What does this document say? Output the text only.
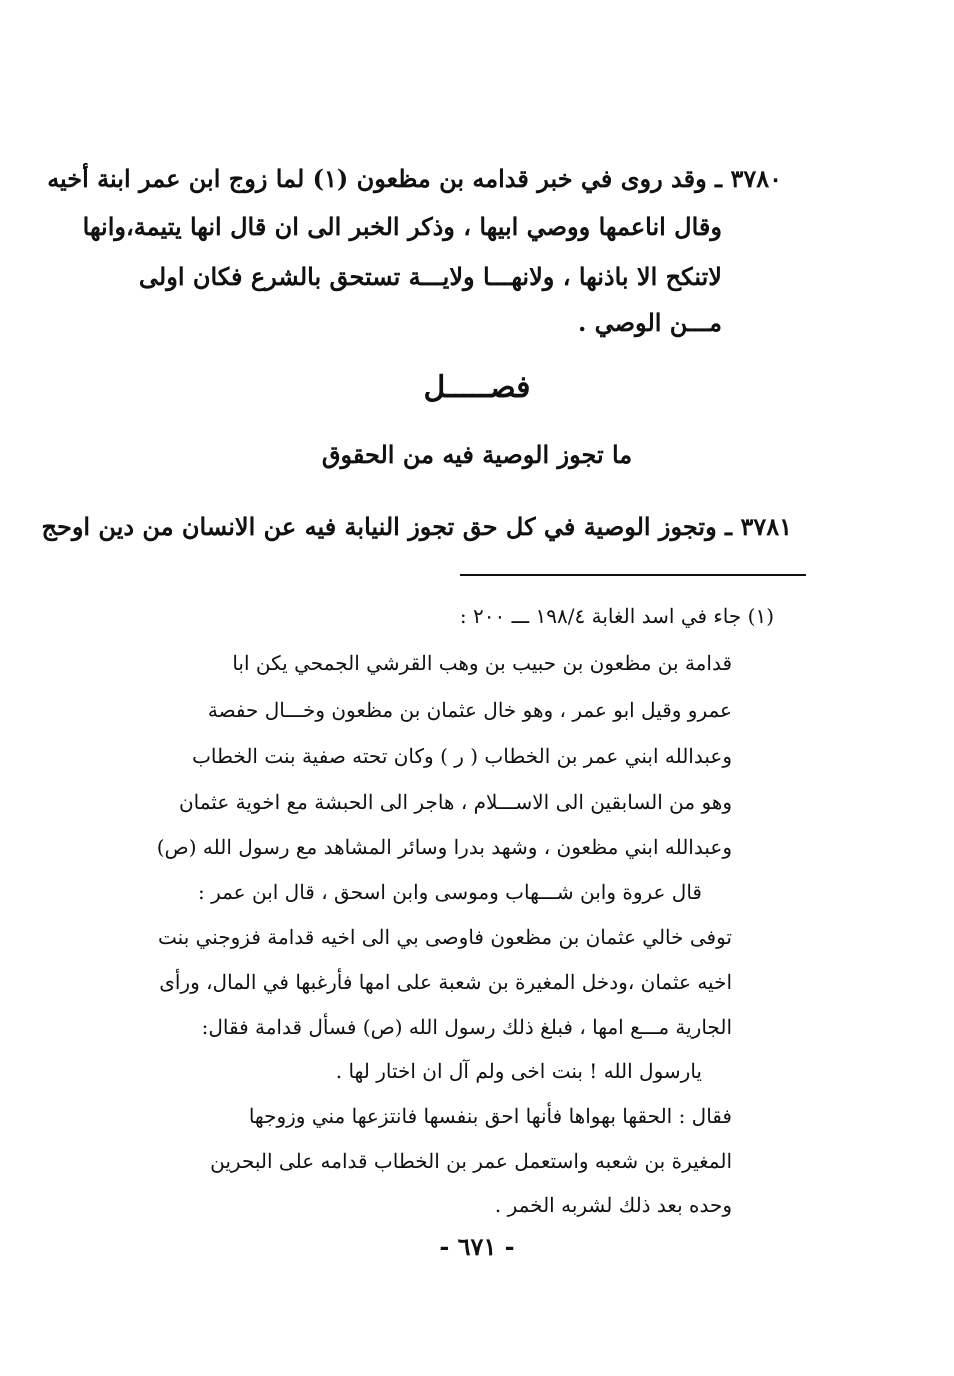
٣٧٨٠ ـ وقد روى في خبر قدامه بن مظعون (١) لما زوج ابن عمر ابنة أخيه

وقال اناعمها ووصي ابيها ، وذكر الخبر الى ان قال انها يتيمة،وانها

لاتنكح الا باذنها ، ولانهـــا ولايـــة تستحق بالشرع فكان اولى

مـــن الوصي .

فصـــــل
ما تجوز الوصية فيه من الحقوق

٣٧٨١ ـ وتجوز الوصية في كل حق تجوز النيابة فيه عن الانسان من دين اوحج

(١) جاء في اسد الغابة ١٩٨/٤ ـــ ٢٠٠ :

قدامة بن مظعون بن حبيب بن وهب القرشي الجمحي يكن ابا

عمرو وقيل ابو عمر ، وهو خال عثمان بن مظعون وخـــال حفصة

وعبدالله ابني عمر بن الخطاب ( ر ) وكان تحته صفية بنت الخطاب

وهو من السابقين الى الاســـلام ، هاجر الى الحبشة مع اخوية عثمان

وعبدالله ابني مظعون ، وشهد بدرا وسائر المشاهد مع رسول الله (ص)

قال عروة وابن شـــهاب وموسى وابن اسحق ، قال ابن عمر :

توفى خالي عثمان بن مظعون فاوصى بي الى اخيه قدامة فزوجني بنت

اخيه عثمان ،ودخل المغيرة بن شعبة على امها فأرغبها في المال، ورأى

الجارية مـــع امها ، فبلغ ذلك رسول الله (ص) فسأل قدامة فقال:

يارسول الله ! بنت اخى ولم آل ان اختار لها .

فقال : الحقها بهواها فأنها احق بنفسها فانتزعها مني وزوجها

المغيرة بن شعبه واستعمل عمر بن الخطاب قدامه على البحرين

وحده بعد ذلك لشربه الخمر .

- ٦٧١ -
